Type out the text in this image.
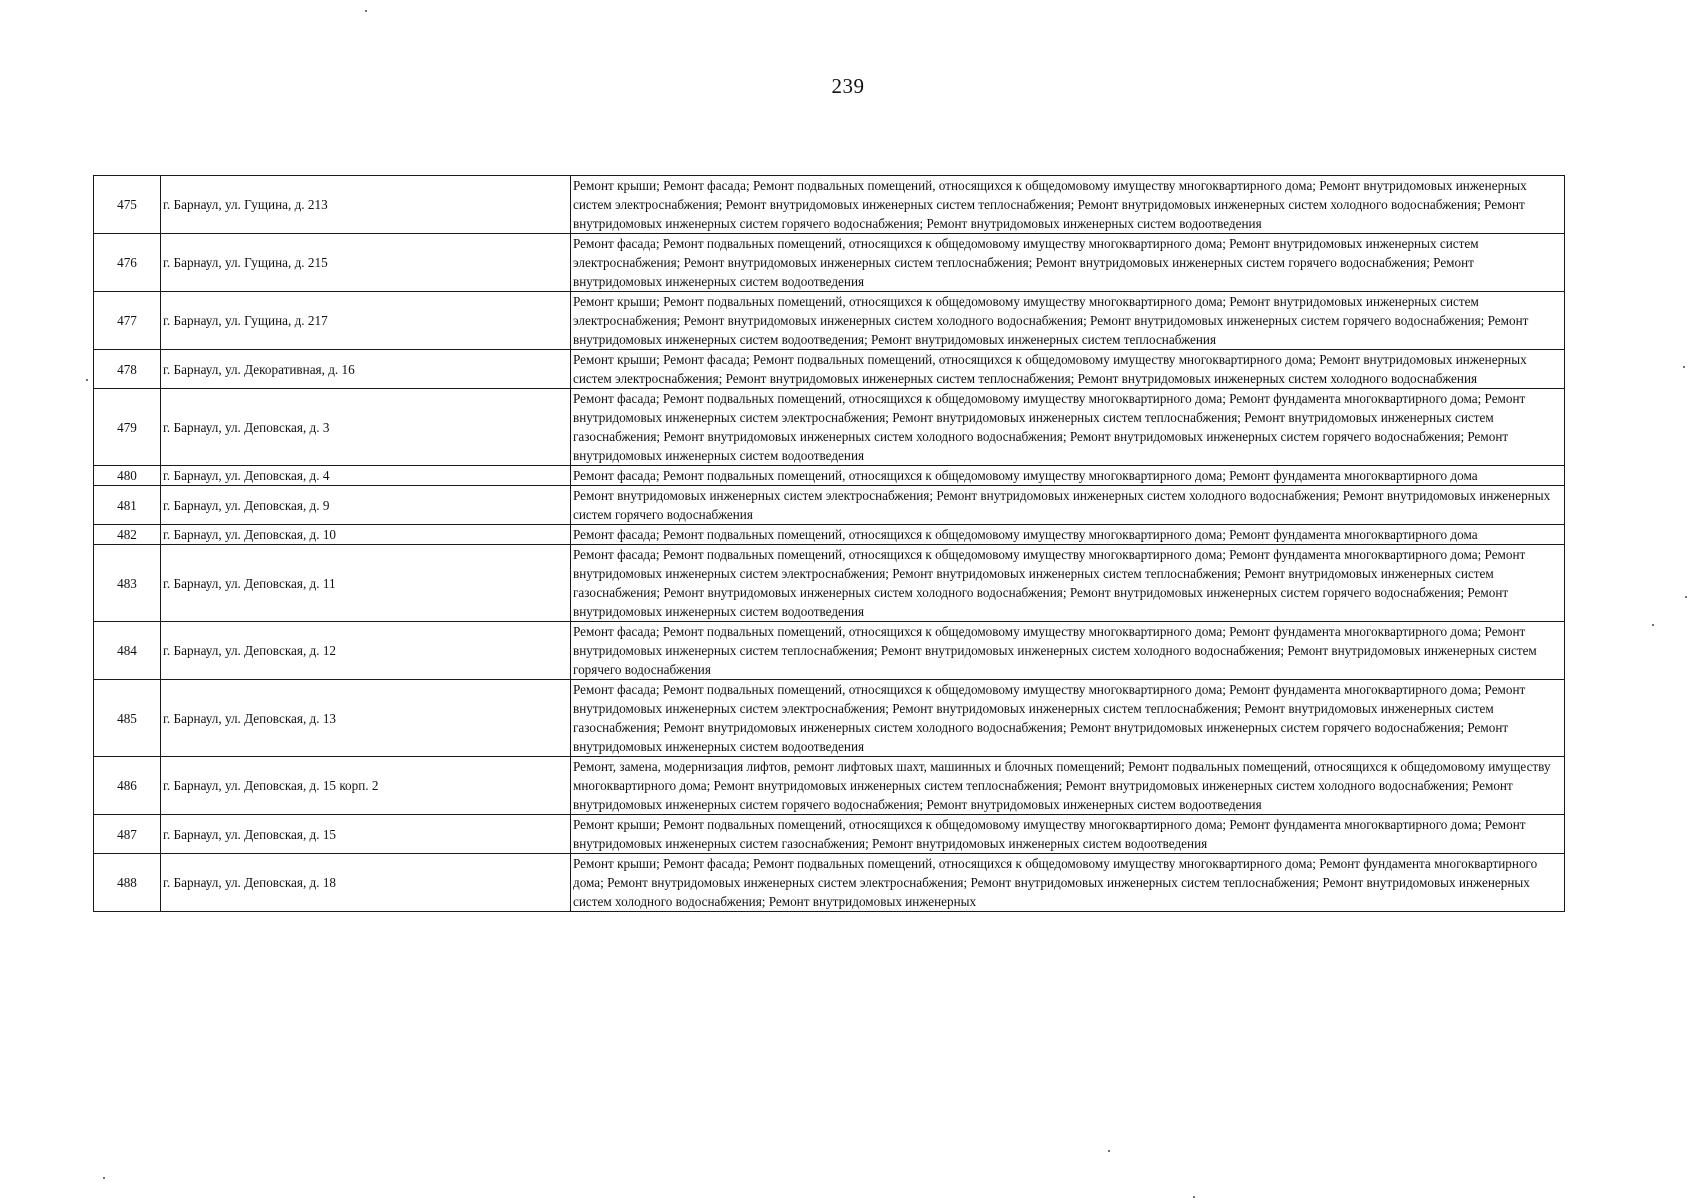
239
475	г. Барнаул, ул. Гущина, д. 213	Ремонт крыши; Ремонт фасада; Ремонт подвальных помещений, относящихся к общедомовому имуществу многоквартирного дома; Ремонт внутридомовых инженерных систем электроснабжения; Ремонт внутридомовых инженерных систем теплоснабжения; Ремонт внутридомовых инженерных систем холодного водоснабжения; Ремонт внутридомовых инженерных систем горячего водоснабжения; Ремонт внутридомовых инженерных систем водоотведения
476	г. Барнаул, ул. Гущина, д. 215	Ремонт фасада; Ремонт подвальных помещений, относящихся к общедомовому имуществу многоквартирного дома; Ремонт внутридомовых инженерных систем электроснабжения; Ремонт внутридомовых инженерных систем теплоснабжения; Ремонт внутридомовых инженерных систем горячего водоснабжения; Ремонт внутридомовых инженерных систем водоотведения
477	г. Барнаул, ул. Гущина, д. 217	Ремонт крыши; Ремонт подвальных помещений, относящихся к общедомовому имуществу многоквартирного дома; Ремонт внутридомовых инженерных систем электроснабжения; Ремонт внутридомовых инженерных систем холодного водоснабжения; Ремонт внутридомовых инженерных систем горячего водоснабжения; Ремонт внутридомовых инженерных систем водоотведения; Ремонт внутридомовых инженерных систем теплоснабжения
478	г. Барнаул, ул. Декоративная, д. 16	Ремонт крыши; Ремонт фасада; Ремонт подвальных помещений, относящихся к общедомовому имуществу многоквартирного дома; Ремонт внутридомовых инженерных систем электроснабжения; Ремонт внутридомовых инженерных систем теплоснабжения; Ремонт внутридомовых инженерных систем холодного водоснабжения
479	г. Барнаул, ул. Деповская, д. 3	Ремонт фасада; Ремонт подвальных помещений, относящихся к общедомовому имуществу многоквартирного дома; Ремонт фундамента многоквартирного дома; Ремонт внутридомовых инженерных систем электроснабжения; Ремонт внутридомовых инженерных систем теплоснабжения; Ремонт внутридомовых инженерных систем газоснабжения; Ремонт внутридомовых инженерных систем холодного водоснабжения; Ремонт внутридомовых инженерных систем горячего водоснабжения; Ремонт внутридомовых инженерных систем водоотведения
480	г. Барнаул, ул. Деповская, д. 4	Ремонт фасада; Ремонт подвальных помещений, относящихся к общедомовому имуществу многоквартирного дома; Ремонт фундамента многоквартирного дома
481	г. Барнаул, ул. Деповская, д. 9	Ремонт внутридомовых инженерных систем электроснабжения; Ремонт внутридомовых инженерных систем холодного водоснабжения; Ремонт внутридомовых инженерных систем горячего водоснабжения
482	г. Барнаул, ул. Деповская, д. 10	Ремонт фасада; Ремонт подвальных помещений, относящихся к общедомовому имуществу многоквартирного дома; Ремонт фундамента многоквартирного дома
483	г. Барнаул, ул. Деповская, д. 11	Ремонт фасада; Ремонт подвальных помещений, относящихся к общедомовому имуществу многоквартирного дома; Ремонт фундамента многоквартирного дома; Ремонт внутридомовых инженерных систем электроснабжения; Ремонт внутридомовых инженерных систем теплоснабжения; Ремонт внутридомовых инженерных систем газоснабжения; Ремонт внутридомовых инженерных систем холодного водоснабжения; Ремонт внутридомовых инженерных систем горячего водоснабжения; Ремонт внутридомовых инженерных систем водоотведения
484	г. Барнаул, ул. Деповская, д. 12	Ремонт фасада; Ремонт подвальных помещений, относящихся к общедомовому имуществу многоквартирного дома; Ремонт фундамента многоквартирного дома; Ремонт внутридомовых инженерных систем теплоснабжения; Ремонт внутридомовых инженерных систем холодного водоснабжения; Ремонт внутридомовых инженерных систем горячего водоснабжения
485	г. Барнаул, ул. Деповская, д. 13	Ремонт фасада; Ремонт подвальных помещений, относящихся к общедомовому имуществу многоквартирного дома; Ремонт фундамента многоквартирного дома; Ремонт внутридомовых инженерных систем электроснабжения; Ремонт внутридомовых инженерных систем теплоснабжения; Ремонт внутридомовых инженерных систем газоснабжения; Ремонт внутридомовых инженерных систем холодного водоснабжения; Ремонт внутридомовых инженерных систем горячего водоснабжения; Ремонт внутридомовых инженерных систем водоотведения
486	г. Барнаул, ул. Деповская, д. 15 корп. 2	Ремонт, замена, модернизация лифтов, ремонт лифтовых шахт, машинных и блочных помещений; Ремонт подвальных помещений, относящихся к общедомовому имуществу многоквартирного дома; Ремонт внутридомовых инженерных систем теплоснабжения; Ремонт внутридомовых инженерных систем холодного водоснабжения; Ремонт внутридомовых инженерных систем горячего водоснабжения; Ремонт внутридомовых инженерных систем водоотведения
487	г. Барнаул, ул. Деповская, д. 15	Ремонт крыши; Ремонт подвальных помещений, относящихся к общедомовому имуществу многоквартирного дома; Ремонт фундамента многоквартирного дома; Ремонт внутридомовых инженерных систем газоснабжения; Ремонт внутридомовых инженерных систем водоотведения
488	г. Барнаул, ул. Деповская, д. 18	Ремонт крыши; Ремонт фасада; Ремонт подвальных помещений, относящихся к общедомовому имуществу многоквартирного дома; Ремонт фундамента многоквартирного дома; Ремонт внутридомовых инженерных систем электроснабжения; Ремонт внутридомовых инженерных систем теплоснабжения; Ремонт внутридомовых инженерных систем холодного водоснабжения; Ремонт внутридомовых инженерных
